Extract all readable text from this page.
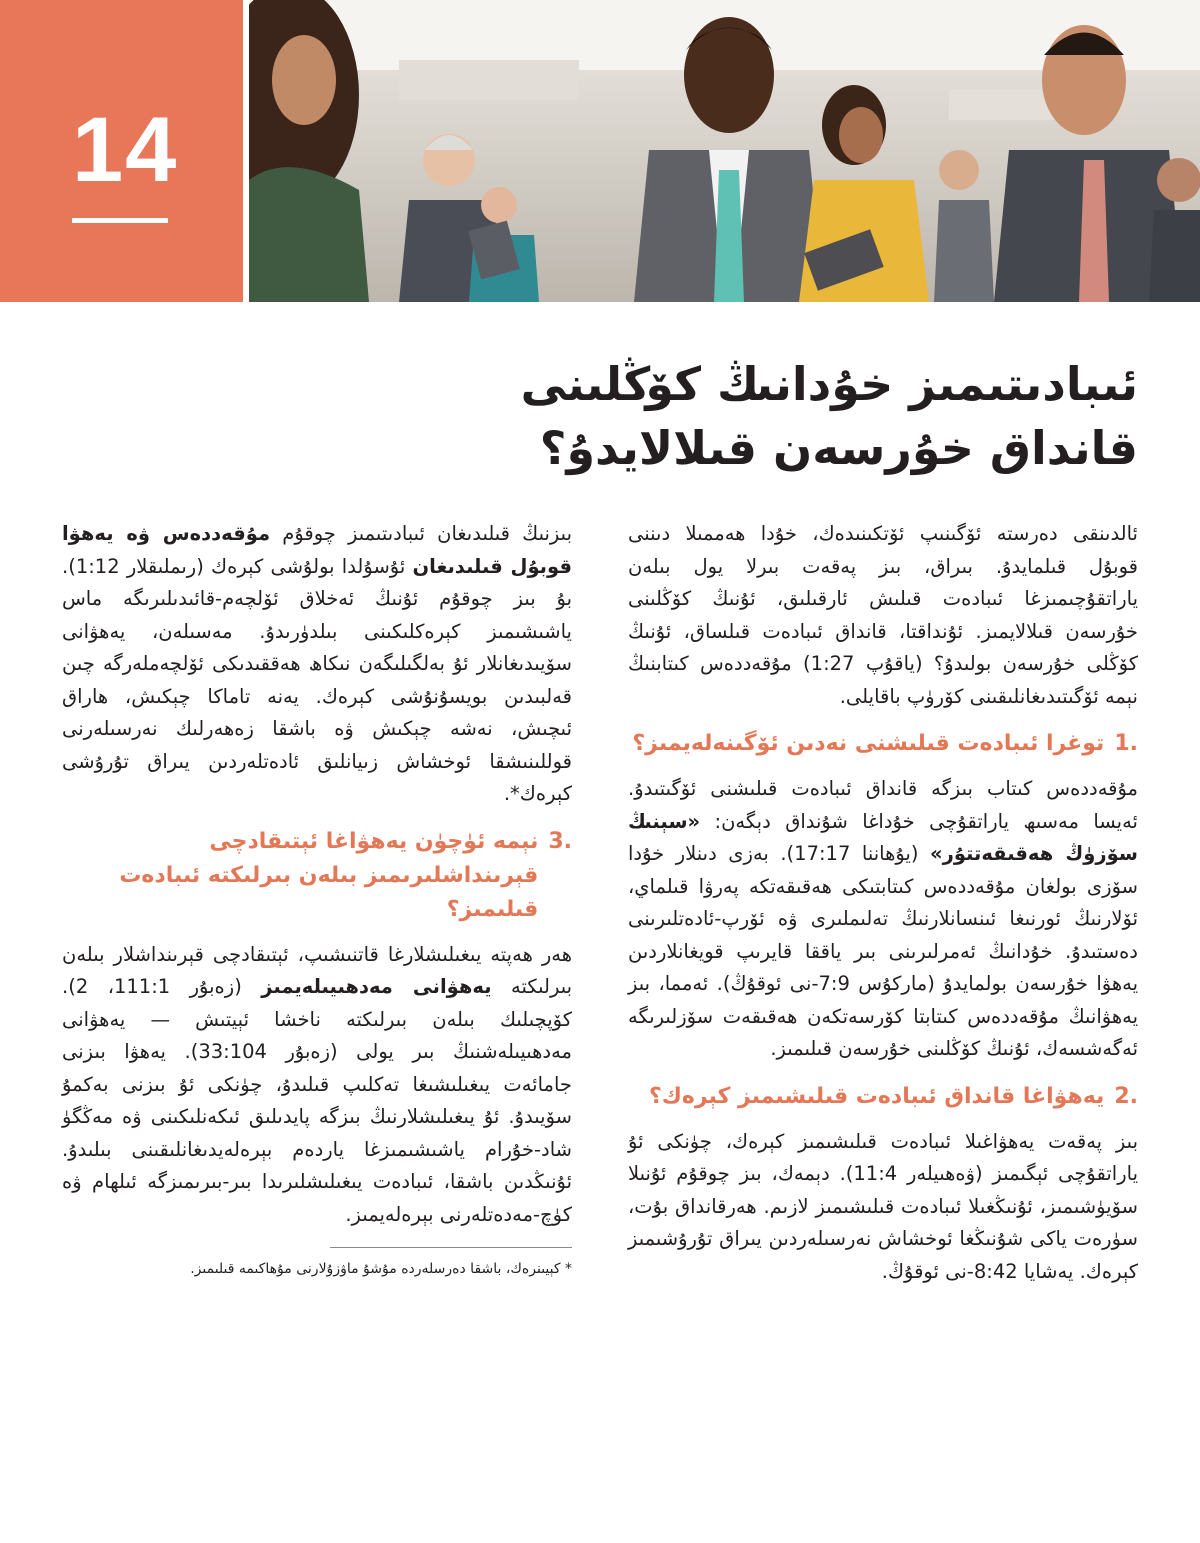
14
ئىبادىتىمىز خۇدانىڭ كۆڭلىنى
قانداق خۇرسەن قىلالايدۇ؟

ئالدىنقى دەرستە ئۆگىنىپ ئۆتكىنىدەك، خۇدا ھەممىلا دىننى قوبۇل قىلمايدۇ. بىراق، بىز پەقەت بىرلا يول بىلەن ياراتقۇچىمىزغا ئىبادەت قىلىش ئارقىلىق، ئۇنىڭ كۆڭلىنى خۇرسەن قىلالايمىز. ئۇنداقتا، قانداق ئىبادەت قىلساق، ئۇنىڭ كۆڭلى خۇرسەن بولىدۇ؟ (ياقۇپ 1:27) مۇقەددەس كىتابنىڭ نېمە ئۆگىتىدىغانلىقىنى كۆرۈپ باقايلى.

.1
توغرا ئىبادەت قىلىشنى نەدىن ئۆگىنەلەيمىز؟

مۇقەددەس كىتاب بىزگە قانداق ئىبادەت قىلىشنى ئۆگىتىدۇ. ئەيسا مەسىھ ياراتقۇچى خۇداغا شۇنداق دېگەن: «سېنىڭ سۆزۈڭ ھەقىقەتتۇر» (يۇھاننا 17:17). بەزى دىنلار خۇدا سۆزى بولغان مۇقەددەس كىتابتىكى ھەقىقەتكە پەرۋا قىلماي، ئۆلارنىڭ ئورنىغا ئىنسانلارنىڭ تەلىملىرى ۋە ئۆرپ-ئادەتلىرىنى دەستىدۇ. خۇدانىڭ ئەمرلىرىنى بىر ياققا قايرىپ قويغانلاردىن يەھۋا خۇرسەن بولمايدۇ (ماركۇس 7:9-نى ئوقۇڭ). ئەمما، بىز يەھۋانىڭ مۇقەددەس كىتابتا كۆرسەتكەن ھەقىقەت سۆزلىرىگە ئەگەشسەك، ئۇنىڭ كۆڭلىنى خۇرسەن قىلىمىز.

.2
يەھۋاغا قانداق ئىبادەت قىلىشىمىز كېرەك؟

بىز پەقەت يەھۋاغىلا ئىبادەت قىلىشىمىز كېرەك، چۈنكى ئۇ ياراتقۇچى ئېگىمىز (ۋەھىيلەر 11:4). دېمەك، بىز چوقۇم ئۇنىلا سۆيۈشىمىز، ئۇنىڭغىلا ئىبادەت قىلىشىمىز لازىم. ھەرقانداق بۇت، سۈرەت ياكى شۇنىڭغا ئوخشاش نەرسىلەردىن يىراق تۇرۇشىمىز كېرەك. يەشايا 8:42-نى ئوقۇڭ.

بىزنىڭ قىلىدىغان ئىبادىتىمىز چوقۇم مۇقەددەس ۋە يەھۋا قوبۇل قىلىدىغان ئۇسۇلدا بولۇشى كېرەك (رىملىقلار 1:12). بۇ بىز چوقۇم ئۇنىڭ ئەخلاق ئۆلچەم-قائىدىلىرىگە ماس ياشىشىمىز كېرەكلىكىنى بىلدۈرىدۇ. مەسىلەن، يەھۋانى سۆيىدىغانلار ئۇ بەلگىلىگەن نىكاھ ھەققىدىكى ئۆلچەملەرگە چىن قەلبىدىن بويسۇنۇشى كېرەك. يەنە تاماكا چېكىش، ھاراق ئىچىش، نەشە چېكىش ۋە باشقا زەھەرلىك نەرسىلەرنى قوللىنىشقا ئوخشاش زىيانلىق ئادەتلەردىن يىراق تۇرۇشى كېرەك*.

.3
نېمە ئۈچۈن يەھۋاغا ئېتىقادچى قېرىنداشلىرىمىز بىلەن بىرلىكتە ئىبادەت قىلىمىز؟

ھەر ھەپتە يىغىلىشلارغا قاتنىشىپ، ئېتىقادچى قېرىنداشلار بىلەن بىرلىكتە يەھۋانى مەدھىيىلەيمىز (زەبۇر 111:1، 2). كۆپچىلىك بىلەن بىرلىكتە ناخشا ئېيتىش — يەھۋانى مەدھىيىلەشنىڭ بىر يولى (زەبۇر 33:104). يەھۋا بىزنى جامائەت يىغىلىشىغا تەكلىپ قىلىدۇ، چۈنكى ئۇ بىزنى بەكمۇ سۆيىدۇ. ئۇ يىغىلىشلارنىڭ بىزگە پايدىلىق ئىكەنلىكىنى ۋە مەڭگۈ شاد-خۇرام ياشىشىمىزغا ياردەم بېرەلەيدىغانلىقىنى بىلىدۇ. ئۇنىڭدىن باشقا، ئىبادەت يىغىلىشلىرىدا بىر-بىرىمىزگە ئىلھام ۋە كۈچ-مەدەتلەرنى بېرەلەيمىز.

* كېيىنرەك، باشقا دەرسلەردە مۇشۇ ماۋزۇلارنى مۇھاكىمە قىلىمىز.
